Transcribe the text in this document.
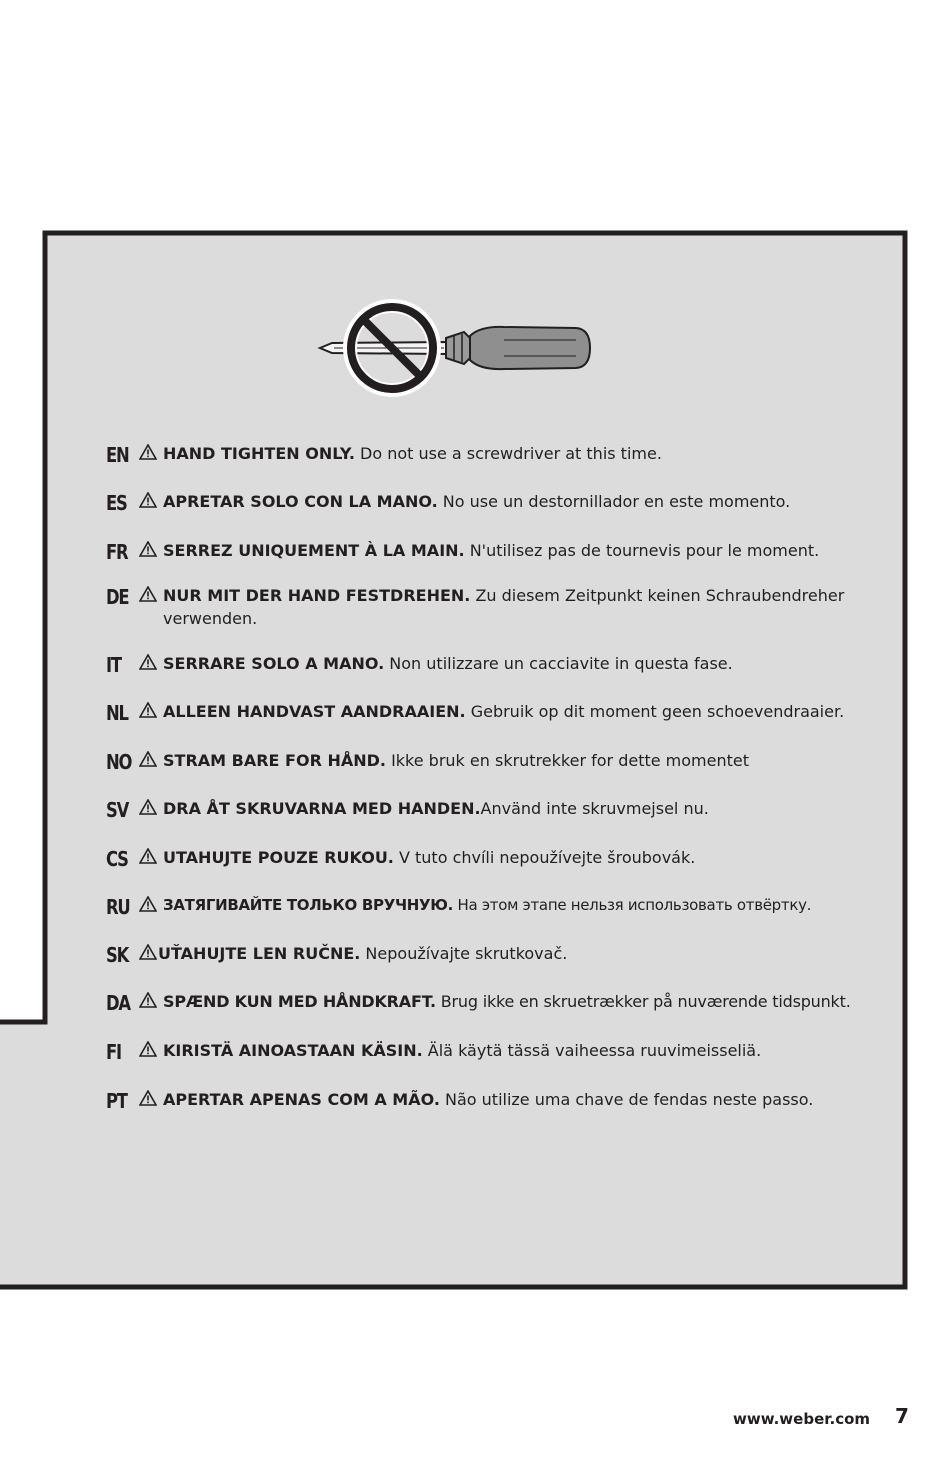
EN HAND TIGHTEN ONLY. Do not use a screwdriver at this time.
ES APRETAR SOLO CON LA MANO. No use un destornillador en este momento.
FR SERREZ UNIQUEMENT À LA MAIN. N'utilisez pas de tournevis pour le moment.
DE NUR MIT DER HAND FESTDREHEN. Zu diesem Zeitpunkt keinen Schraubendreher verwenden.
IT	SERRARE SOLO A MANO. Non utilizzare un cacciavite in questa fase.
NL ALLEEN HANDVAST AANDRAAIEN. Gebruik op dit moment geen schoevendraaier.
NO STRAM BARE FOR HÅND. Ikke bruk en skrutrekker for dette momentet
SV DRA ÅT SKRUVARNA MED HANDEN.Använd inte skruvmejsel nu.
CS UTAHUJTE POUZE RUKOU. V tuto chvíli nepoužívejte šroubovák.
RU ЗАТЯГИВАЙТЕ ТОЛЬКО ВРУЧНУЮ. На этом этапе нельзя использовать отвёртку.
SK UŤAHUJTE LEN RUČNE. Nepoužívajte skrutkovač.
DA SPÆND KUN MED HÅNDKRAFT. Brug ikke en skruetrækker på nuværende tidspunkt.
FI	KIRISTÄ AINOASTAAN KÄSIN. Älä käytä tässä vaiheessa ruuvimeisseliä.
PT APERTAR APENAS COM A MÃO. Não utilize uma chave de fendas neste passo.
www.weber.com 7
